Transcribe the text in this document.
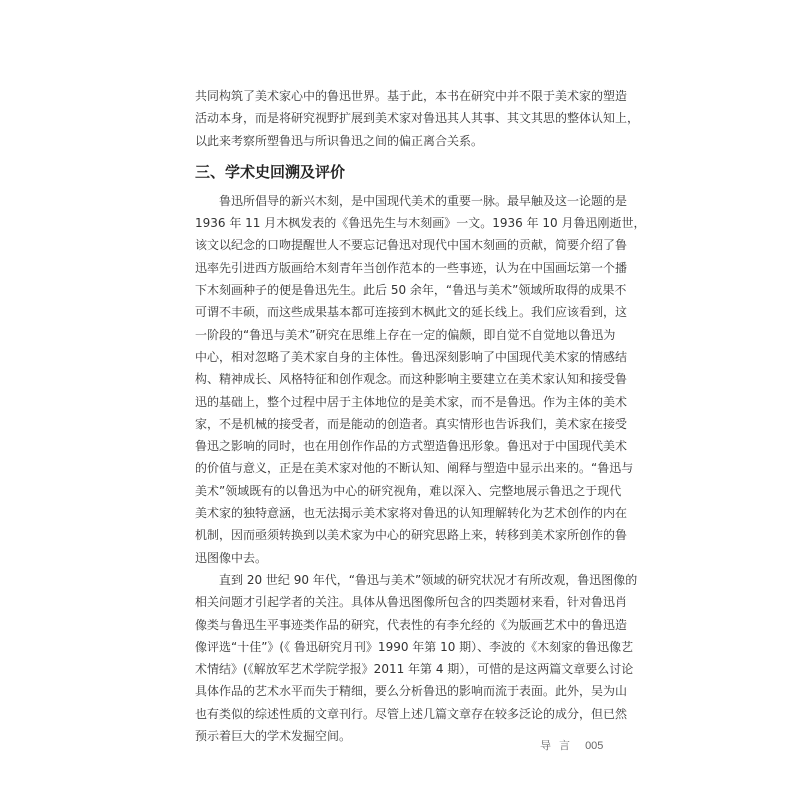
共同构筑了美术家心中的鲁迅世界。基于此，本书在研究中并不限于美术家的塑造
活动本身，而是将研究视野扩展到美术家对鲁迅其人其事、其文其思的整体认知上，
以此来考察所塑鲁迅与所识鲁迅之间的偏正离合关系。
三、学术史回溯及评价
鲁迅所倡导的新兴木刻，是中国现代美术的重要一脉。最早触及这一论题的是
1936 年 11 月木枫发表的《鲁迅先生与木刻画》一文。1936 年 10 月鲁迅刚逝世，
该文以纪念的口吻提醒世人不要忘记鲁迅对现代中国木刻画的贡献，简要介绍了鲁
迅率先引进西方版画给木刻青年当创作范本的一些事迹，认为在中国画坛第一个播
下木刻画种子的便是鲁迅先生。此后 50 余年，“鲁迅与美术”领域所取得的成果不
可谓不丰硕，而这些成果基本都可连接到木枫此文的延长线上。我们应该看到，这
一阶段的“鲁迅与美术”研究在思维上存在一定的偏颇，即自觉不自觉地以鲁迅为
中心，相对忽略了美术家自身的主体性。鲁迅深刻影响了中国现代美术家的情感结
构、精神成长、风格特征和创作观念。而这种影响主要建立在美术家认知和接受鲁
迅的基础上，整个过程中居于主体地位的是美术家，而不是鲁迅。作为主体的美术
家，不是机械的接受者，而是能动的创造者。真实情形也告诉我们，美术家在接受
鲁迅之影响的同时，也在用创作作品的方式塑造鲁迅形象。鲁迅对于中国现代美术
的价值与意义，正是在美术家对他的不断认知、阐释与塑造中显示出来的。“鲁迅与
美术”领域既有的以鲁迅为中心的研究视角，难以深入、完整地展示鲁迅之于现代
美术家的独特意涵，也无法揭示美术家将对鲁迅的认知理解转化为艺术创作的内在
机制，因而亟须转换到以美术家为中心的研究思路上来，转移到美术家所创作的鲁
迅图像中去。
直到 20 世纪 90 年代，“鲁迅与美术”领域的研究状况才有所改观，鲁迅图像的
相关问题才引起学者的关注。具体从鲁迅图像所包含的四类题材来看，针对鲁迅肖
像类与鲁迅生平事迹类作品的研究，代表性的有李允经的《为版画艺术中的鲁迅造
像评选“十佳”》(《 鲁迅研究月刊》1990 年第 10 期）、李波的《木刻家的鲁迅像艺
术情结》(《解放军艺术学院学报》2011 年第 4 期），可惜的是这两篇文章要么讨论
具体作品的艺术水平而失于精细，要么分析鲁迅的影响而流于表面。此外，吴为山
也有类似的综述性质的文章刊行。尽管上述几篇文章存在较多泛论的成分，但已然
预示着巨大的学术发掘空间。
导言 005
